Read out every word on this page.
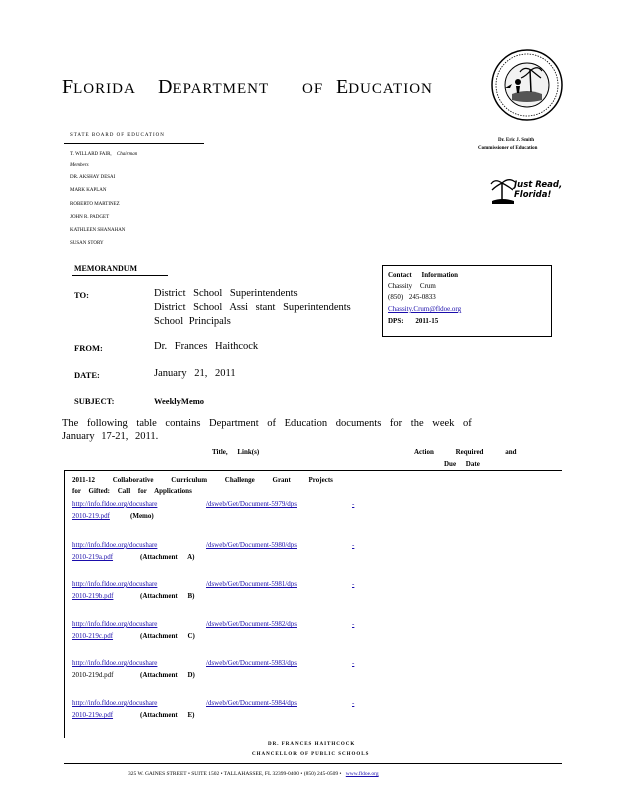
FLORIDA DEPARTMENT OF EDUCATION
STATE BOARD OF EDUCATION
T. WILLARD FAIR, Chairman
Members
DR. AKSHAY DESAI
MARK KAPLAN
ROBERTO MARTINEZ
JOHN R. PADGET
KATHLEEN SHANAHAN
SUSAN STORY
Dr. Eric J. Smith
Commissioner of Education
Just Read, Florida!
MEMORANDUM
TO:	District School Superintendents
District School Assi stant Superintendents
School Principals
FROM:	Dr. Frances Haithcock
DATE:	January 21, 2011
SUBJECT:	WeeklyMemo
Contact Information
Chassity Crum
(850) 245-0833
Chassity.Crum@fldoe.org
DPS: 2011-15
The following table contains Department of Education documents for the week of
January 17-21, 2011.
Title, Link(s)	Action Required and
Due Date
2011-12 Collaborative Curriculum Challenge Grant Projects
for Gifted: Call for Applications
http://info.fldoe.org/docushare	/dsweb/Get/Document-5979/dps	-
2010-219.pdf	(Memo)
http://info.fldoe.org/docushare	/dsweb/Get/Document-5980/dps	-
2010-219a.pdf	(Attachment A)
http://info.fldoe.org/docushare	/dsweb/Get/Document-5981/dps	-
2010-219b.pdf	(Attachment B)
http://info.fldoe.org/docushare	/dsweb/Get/Document-5982/dps	-
2010-219c.pdf	(Attachment C)
http://info.fldoe.org/docushare	/dsweb/Get/Document-5983/dps	-
2010-219d.pdf	(Attachment D)
http://info.fldoe.org/docushare	/dsweb/Get/Document-5984/dps	-
2010-219e.pdf	(Attachment E)
DR. FRANCES HAITHCOCK
CHANCELLOR OF PUBLIC SCHOOLS
325 W. GAINES STREET • SUITE 1502 • TALLAHASSEE, FL 32399-0400 • (850) 245-0509 • www.fldoe.org
